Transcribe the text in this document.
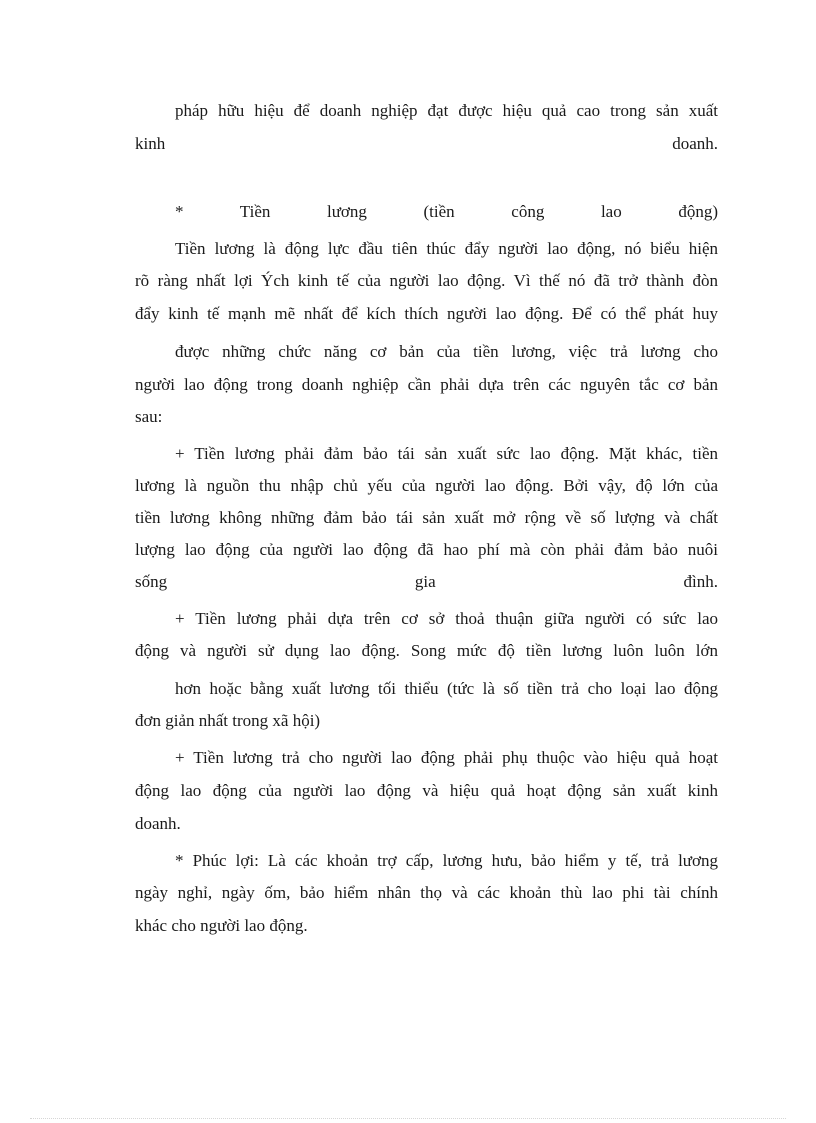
pháp hữu hiệu để doanh nghiệp đạt được hiệu quả cao trong sản xuất
kinh doanh.
* Tiền lương (tiền công lao động)
Tiền lương là động lực đầu tiên thúc đẩy người lao động, nó biểu hiện
rõ ràng nhất lợi Ých kinh tế của người lao động. Vì thế nó đã trở thành đòn
đẩy kinh tế mạnh mẽ nhất để kích thích người lao động. Để có thể phát huy
được những chức năng cơ bản của tiền lương, việc trả lương cho
người lao động trong doanh nghiệp cần phải dựa trên các nguyên tắc cơ bản
sau:
+ Tiền lương phải đảm bảo tái sản xuất sức lao động. Mặt khác, tiền
lương là nguồn thu nhập chủ yếu của người lao động. Bởi vậy, độ lớn của
tiền lương không những đảm bảo tái sản xuất mở rộng về số lượng và chất
lượng lao động của người lao động đã hao phí mà còn phải đảm bảo nuôi
sống gia đình.
+ Tiền lương phải dựa trên cơ sở thoả thuận giữa người có sức lao
động và người sử dụng lao động. Song mức độ tiền lương luôn luôn lớn
hơn hoặc bằng xuất lương tối thiểu (tức là số tiền trả cho loại lao động
đơn giản nhất trong xã hội)
+ Tiền lương trả cho người lao động phải phụ thuộc vào hiệu quả hoạt
động lao động của người lao động và hiệu quả hoạt động sản xuất kinh
doanh.
* Phúc lợi: Là các khoản trợ cấp, lương hưu, bảo hiểm y tế, trả lương
ngày nghỉ, ngày ốm, bảo hiểm nhân thọ và các khoản thù lao phi tài chính
khác cho người lao động.
